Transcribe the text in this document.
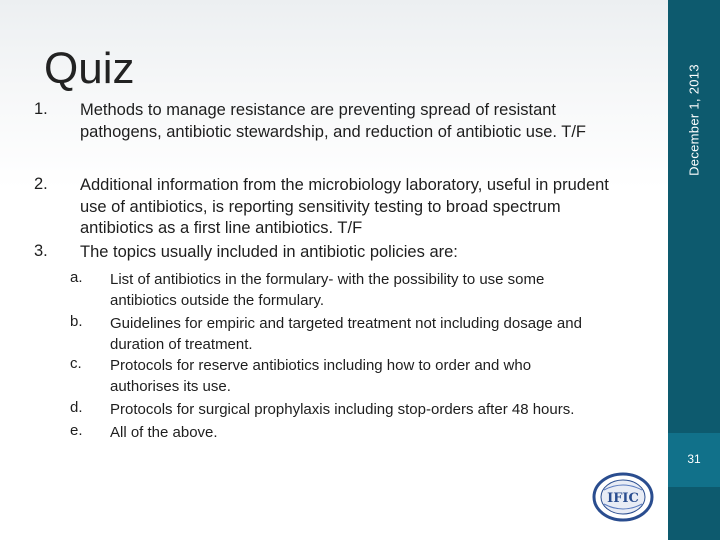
December 1, 2013
31
Quiz
1. Methods to manage resistance are preventing spread of resistant pathogens, antibiotic stewardship, and reduction of antibiotic use. T/F
2. Additional information from the microbiology laboratory, useful in prudent use of antibiotics, is reporting sensitivity testing to broad spectrum antibiotics as a first line antibiotics. T/F
3. The topics usually included in antibiotic policies are:
a. List of antibiotics in the formulary- with the possibility to use some antibiotics outside the formulary.
b. Guidelines for empiric and targeted treatment not including dosage and duration of treatment.
c. Protocols for reserve antibiotics including how to order and who authorises its use.
d. Protocols for surgical prophylaxis including stop-orders after 48 hours.
e. All of the above.
IFIC
